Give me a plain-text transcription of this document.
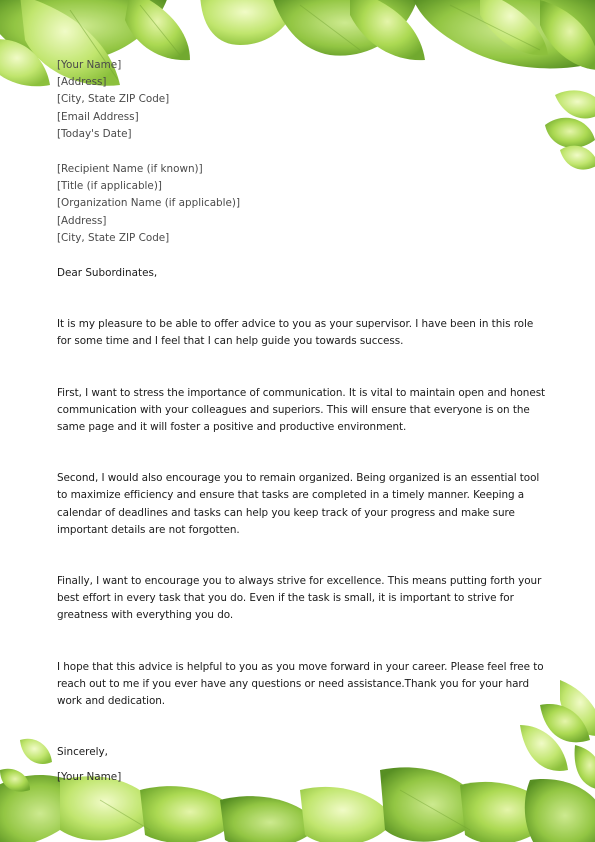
[Your Name]
[Address]
[City, State ZIP Code]
[Email Address]
[Today's Date]
[Recipient Name (if known)]
[Title (if applicable)]
[Organization Name (if applicable)]
[Address]
[City, State ZIP Code]
Dear Subordinates,

It is my pleasure to be able to offer advice to you as your supervisor. I have been in this role for some time and I feel that I can help guide you towards success.

First, I want to stress the importance of communication. It is vital to maintain open and honest communication with your colleagues and superiors. This will ensure that everyone is on the same page and it will foster a positive and productive environment.

Second, I would also encourage you to remain organized. Being organized is an essential tool to maximize efficiency and ensure that tasks are completed in a timely manner. Keeping a calendar of deadlines and tasks can help you keep track of your progress and make sure important details are not forgotten.

Finally, I want to encourage you to always strive for excellence. This means putting forth your best effort in every task that you do. Even if the task is small, it is important to strive for greatness with everything you do.

I hope that this advice is helpful to you as you move forward in your career. Please feel free to reach out to me if you ever have any questions or need assistance.Thank you for your hard work and dedication.

Sincerely,
[Your Name]
